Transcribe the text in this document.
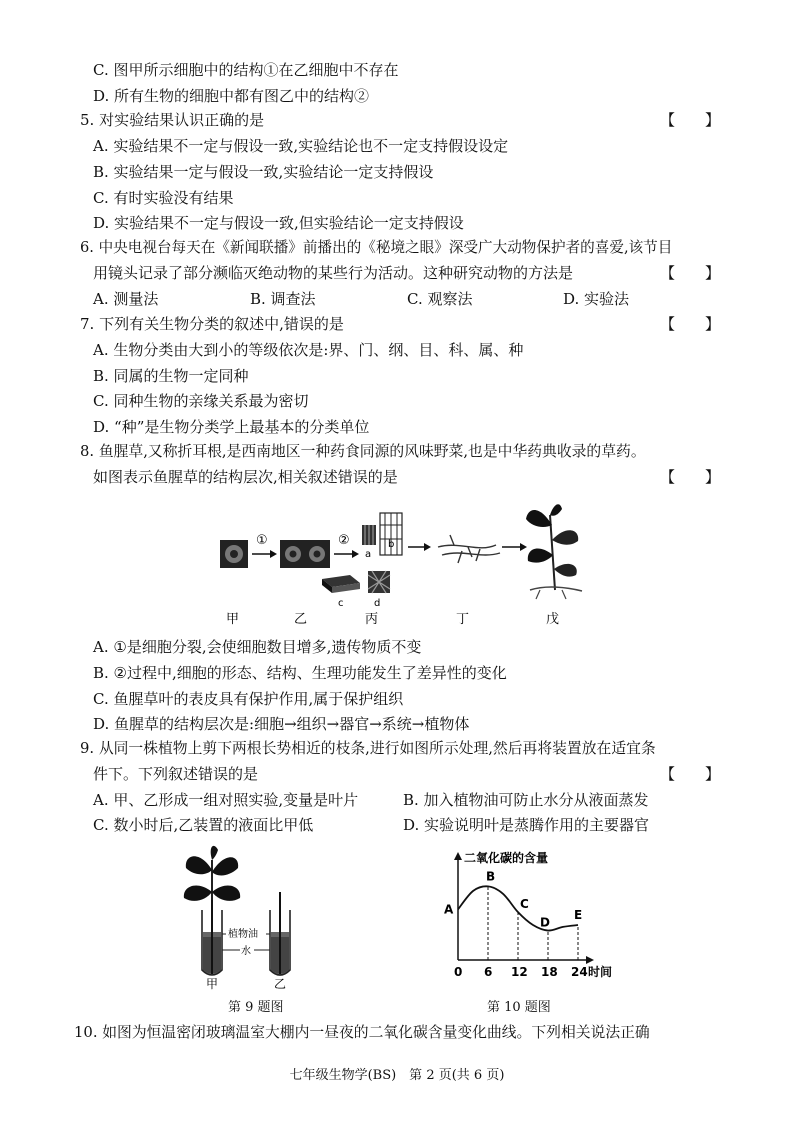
C. 图甲所示细胞中的结构①在乙细胞中不存在
D. 所有生物的细胞中都有图乙中的结构②
5. 对实验结果认识正确的是	【　　】
A. 实验结果不一定与假设一致,实验结论也不一定支持假设设定
B. 实验结果一定与假设一致,实验结论一定支持假设
C. 有时实验没有结果
D. 实验结果不一定与假设一致,但实验结论一定支持假设
6. 中央电视台每天在《新闻联播》前播出的《秘境之眼》深受广大动物保护者的喜爱,该节目
用镜头记录了部分濒临灭绝动物的某些行为活动。这种研究动物的方法是	【　　】
A. 测量法	B. 调查法	C. 观察法	D. 实验法
7. 下列有关生物分类的叙述中,错误的是	【　　】
A. 生物分类由大到小的等级依次是:界、门、纲、目、科、属、种
B. 同属的生物一定同种
C. 同种生物的亲缘关系最为密切
D. “种”是生物分类学上最基本的分类单位
8. 鱼腥草,又称折耳根,是西南地区一种药食同源的风味野菜,也是中华药典收录的草药。
如图表示鱼腥草的结构层次,相关叙述错误的是	【　　】
①	②
a
b
c	d
甲	乙	丙	丁	戊
A. ①是细胞分裂,会使细胞数目增多,遗传物质不变
B. ②过程中,细胞的形态、结构、生理功能发生了差异性的变化
C. 鱼腥草叶的表皮具有保护作用,属于保护组织
D. 鱼腥草的结构层次是:细胞→组织→器官→系统→植物体
9. 从同一株植物上剪下两根长势相近的枝条,进行如图所示处理,然后再将装置放在适宜条
件下。下列叙述错误的是	【　　】
A. 甲、乙形成一组对照实验,变量是叶片	B. 加入植物油可防止水分从液面蒸发
C. 数小时后,乙装置的液面比甲低	D. 实验说明叶是蒸腾作用的主要器官
植物油
水
甲	乙
第 9 题图
二氧化碳的含量
时间
A
B
C
D
E
0 6 12 18 24
第 10 题图
10. 如图为恒温密闭玻璃温室大棚内一昼夜的二氧化碳含量变化曲线。下列相关说法正确
七年级生物学(BS)　第 2 页(共 6 页)
